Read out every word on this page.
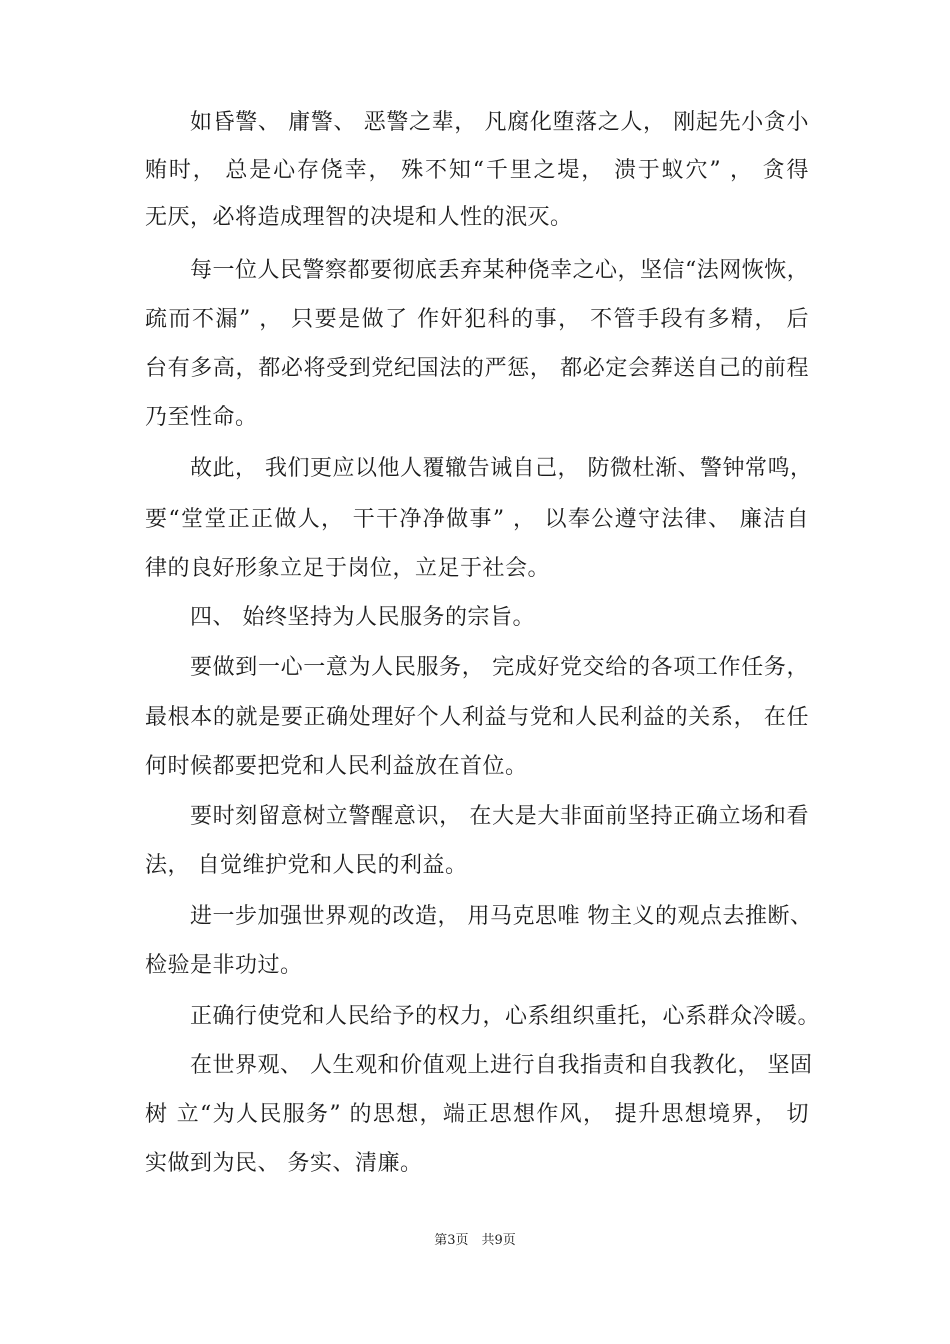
如昏警、 庸警、 恶警之辈， 凡腐化堕落之人， 刚起先小贪小
贿时， 总是心存侥幸， 殊不知“千里之堤， 溃于蚁穴” ， 贪得
无厌，必将造成理智的决堤和人性的泯灭。
每一位人民警察都要彻底丢弃某种侥幸之心，坚信“法网恢恢，
疏而不漏” ， 只要是做了 作奸犯科的事， 不管手段有多精， 后
台有多高，都必将受到党纪国法的严惩， 都必定会葬送自己的前程
乃至性命。
故此， 我们更应以他人覆辙告诫自己， 防微杜渐、警钟常鸣，
要“堂堂正正做人， 干干净净做事” ， 以奉公遵守法律、 廉洁自
律的良好形象立足于岗位，立足于社会。
四、 始终坚持为人民服务的宗旨。
要做到一心一意为人民服务， 完成好党交给的各项工作任务，
最根本的就是要正确处理好个人利益与党和人民利益的关系， 在任
何时候都要把党和人民利益放在首位。
要时刻留意树立警醒意识， 在大是大非面前坚持正确立场和看
法， 自觉维护党和人民的利益。
进一步加强世界观的改造， 用马克思唯 物主义的观点去推断、
检验是非功过。
正确行使党和人民给予的权力，心系组织重托，心系群众冷暖。
在世界观、 人生观和价值观上进行自我指责和自我教化， 坚固
树 立“为人民服务” 的思想，端正思想作风， 提升思想境界， 切
实做到为民、 务实、清廉。
第3页　共9页
